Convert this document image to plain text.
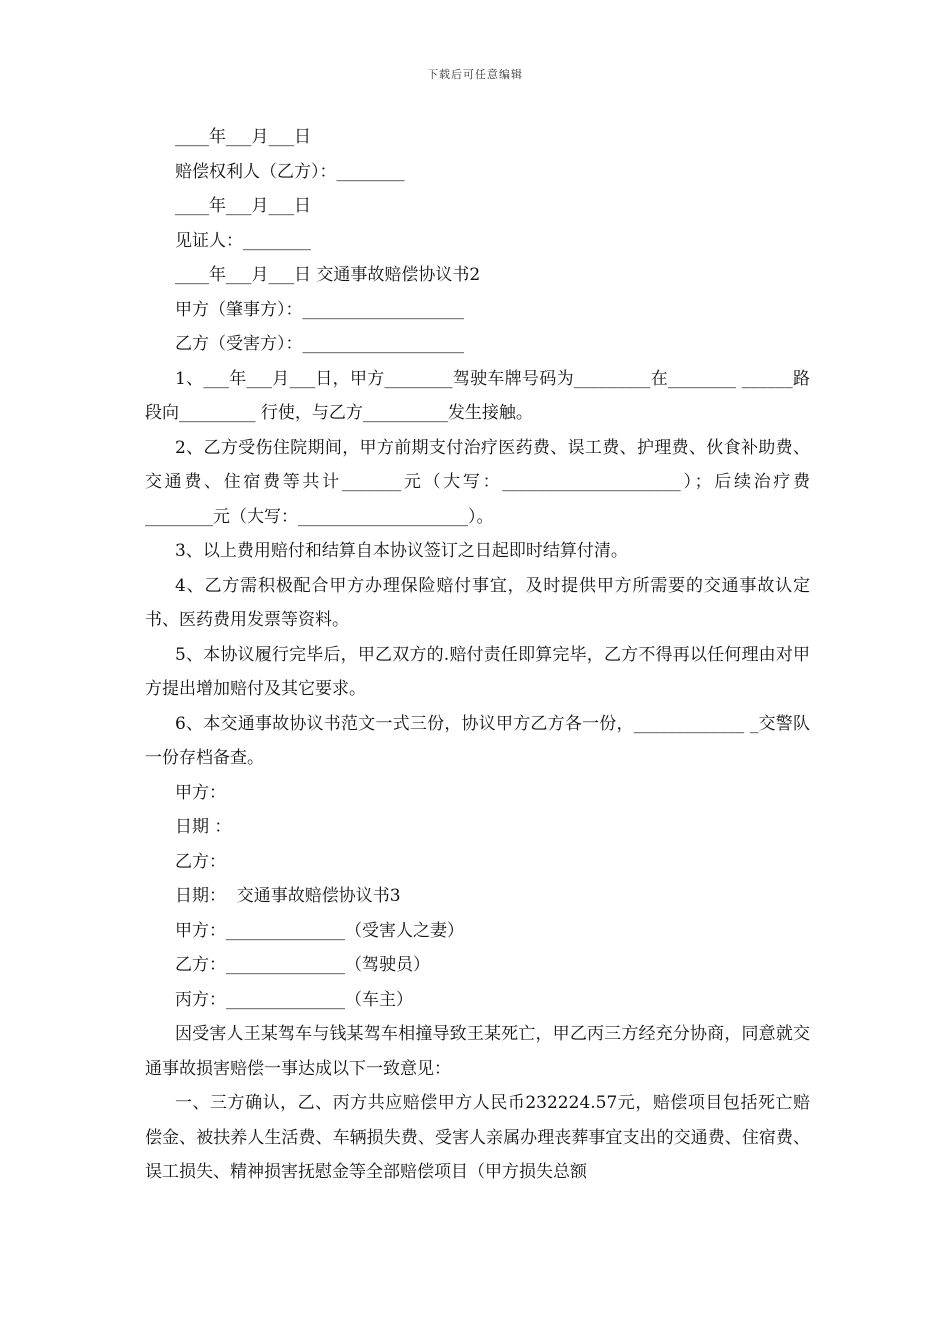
下载后可任意编辑

____年___月___日

赔偿权利人（乙方）：________

____年___月___日

见证人：________

____年___月___日 交通事故赔偿协议书2

甲方（肇事方）：___________________

乙方（受害方）：___________________

1、___年___月___日，甲方________驾驶车牌号码为_________在________ ______路段向_________ 行使，与乙方__________发生接触。

2、乙方受伤住院期间，甲方前期支付治疗医药费、误工费、护理费、伙食补助费、交通费、住宿费等共计_______元（大写：_____________________）；后续治疗费________元（大写：____________________）。

3、以上费用赔付和结算自本协议签订之日起即时结算付清。

4、乙方需积极配合甲方办理保险赔付事宜，及时提供甲方所需要的交通事故认定书、医药费用发票等资料。

5、本协议履行完毕后，甲乙双方的.赔付责任即算完毕，乙方不得再以任何理由对甲方提出增加赔付及其它要求。

6、本交通事故协议书范文一式三份，协议甲方乙方各一份，_____________ _交警队一份存档备查。

甲方：

日期 ：

乙方：

日期：  交通事故赔偿协议书3

甲方：______________（受害人之妻）

乙方：______________（驾驶员）

丙方：______________（车主）

因受害人王某驾车与钱某驾车相撞导致王某死亡，甲乙丙三方经充分协商，同意就交通事故损害赔偿一事达成以下一致意见：

一、三方确认，乙、丙方共应赔偿甲方人民币232224.57元，赔偿项目包括死亡赔偿金、被扶养人生活费、车辆损失费、受害人亲属办理丧葬事宜支出的交通费、住宿费、误工损失、精神损害抚慰金等全部赔偿项目（甲方损失总额
